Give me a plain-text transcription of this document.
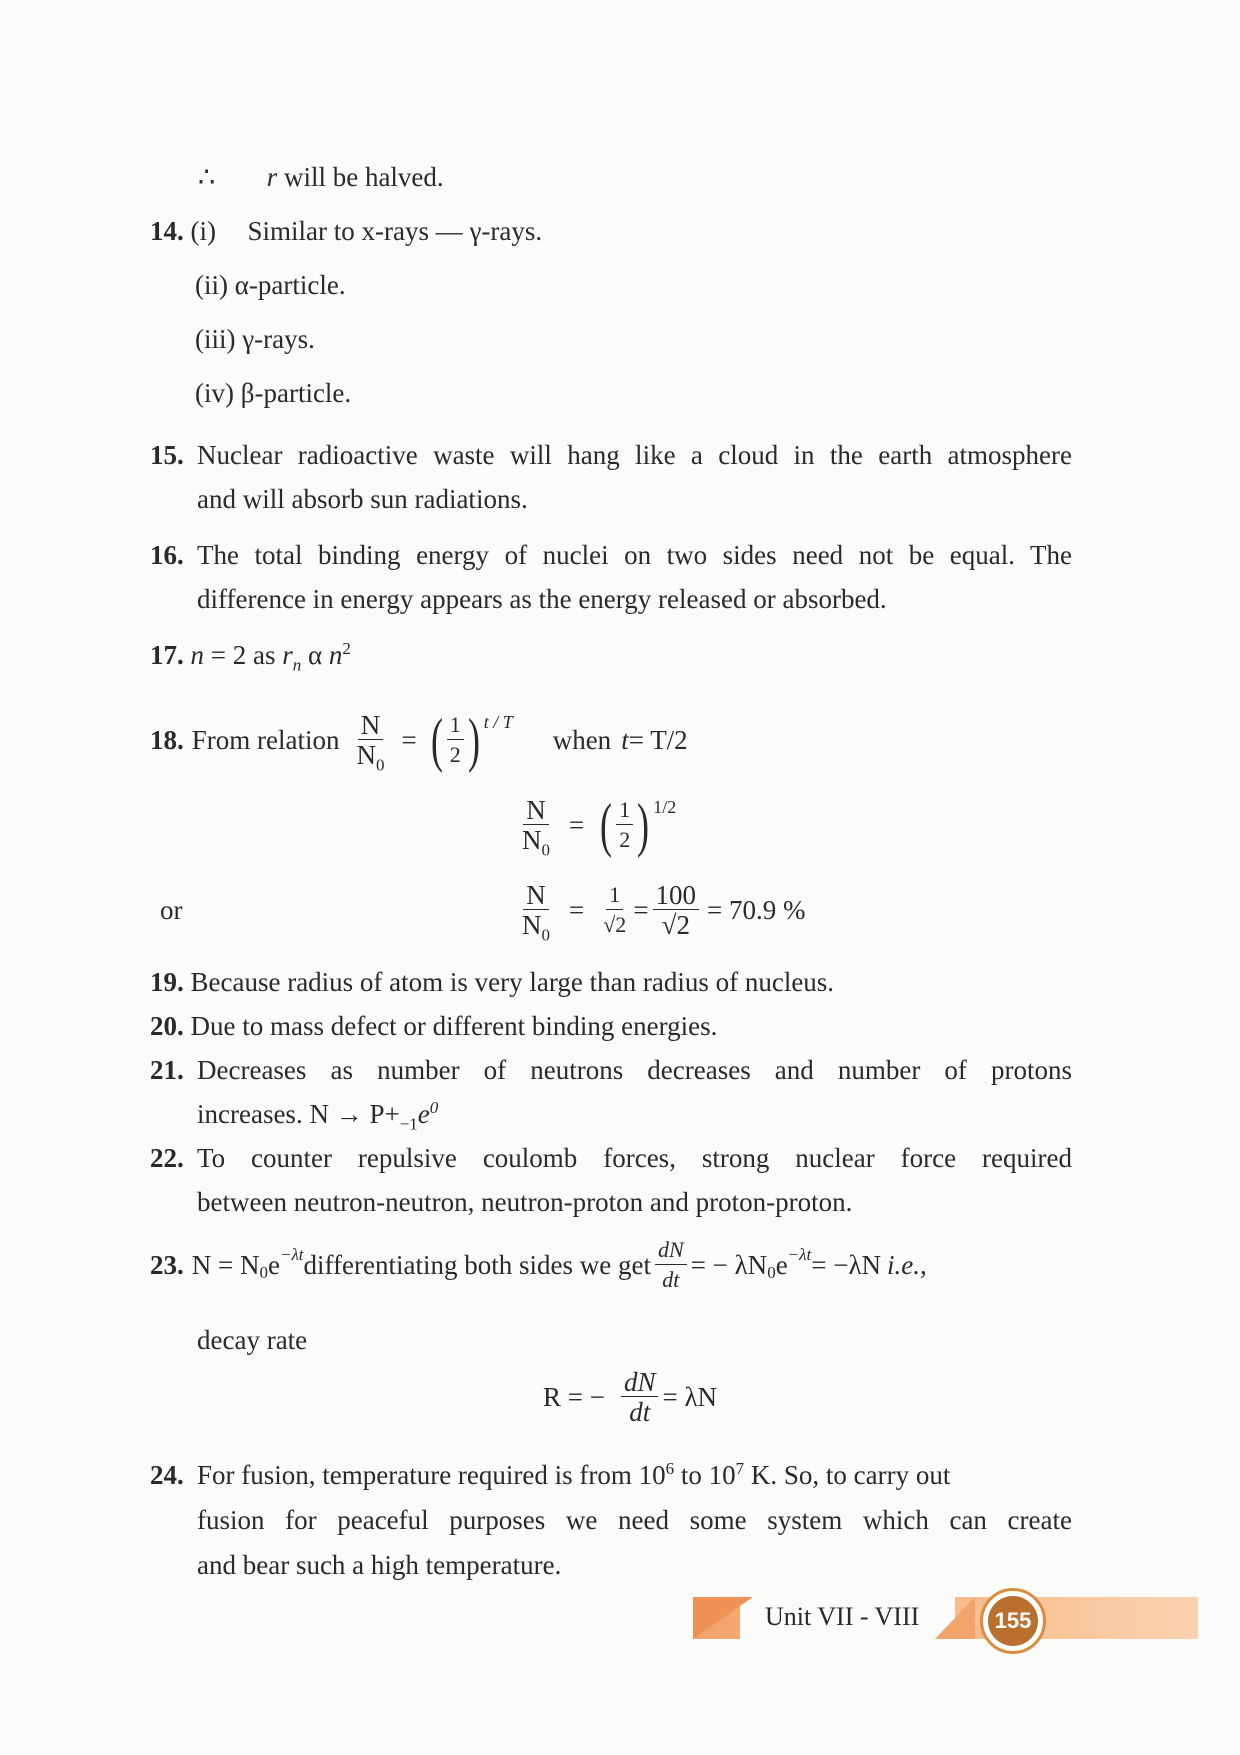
∴ r will be halved.
14. (i) Similar to x-rays — γ-rays.
(ii) α-particle.
(iii) γ-rays.
(iv) β-particle.
15. Nuclear radioactive waste will hang like a cloud in the earth atmosphere
and will absorb sun radiations.
16. The total binding energy of nuclei on two sides need not be equal. The
difference in energy appears as the energy released or absorbed.
17. n = 2 as $r_n$ α $n^2$
18. From relation $\frac{N}{N_0}$ = ( $\frac{1}{2} )^{t / T}$
when t = T/2
$\frac{N}{N_0}$ = ( $\frac{1}{2} )^{1/2}$
or	$\frac{N}{N_0} = \frac{1}{√2} = \frac{100}{√2} = 70.9$ %
19. Because radius of atom is very large than radius of nucleus.
20. Due to mass defect or different binding energies.
21. Decreases as number of neutrons decreases and number of protons
increases. $N \to P+_{-1}e^0$
22. To counter repulsive coulomb forces, strong nuclear force required
between neutron-neutron, neutron-proton and proton-proton.
23. $N = N_0$ $e^{-\lambda t}$ differentiating both sides we get $\frac{dN}{dt}$ = − $\lambda N_0$ $e^{-\lambda t} = -\lambda N$ i.e.,
decay rate
R = − $\frac{dN}{dt} = \lambda N$
24. For fusion, temperature required is from $10^6$ to $10^7$ K. So, to carry out
fusion for peaceful purposes we need some system which can create
and bear such a high temperature.
Unit VII - VIII	155
